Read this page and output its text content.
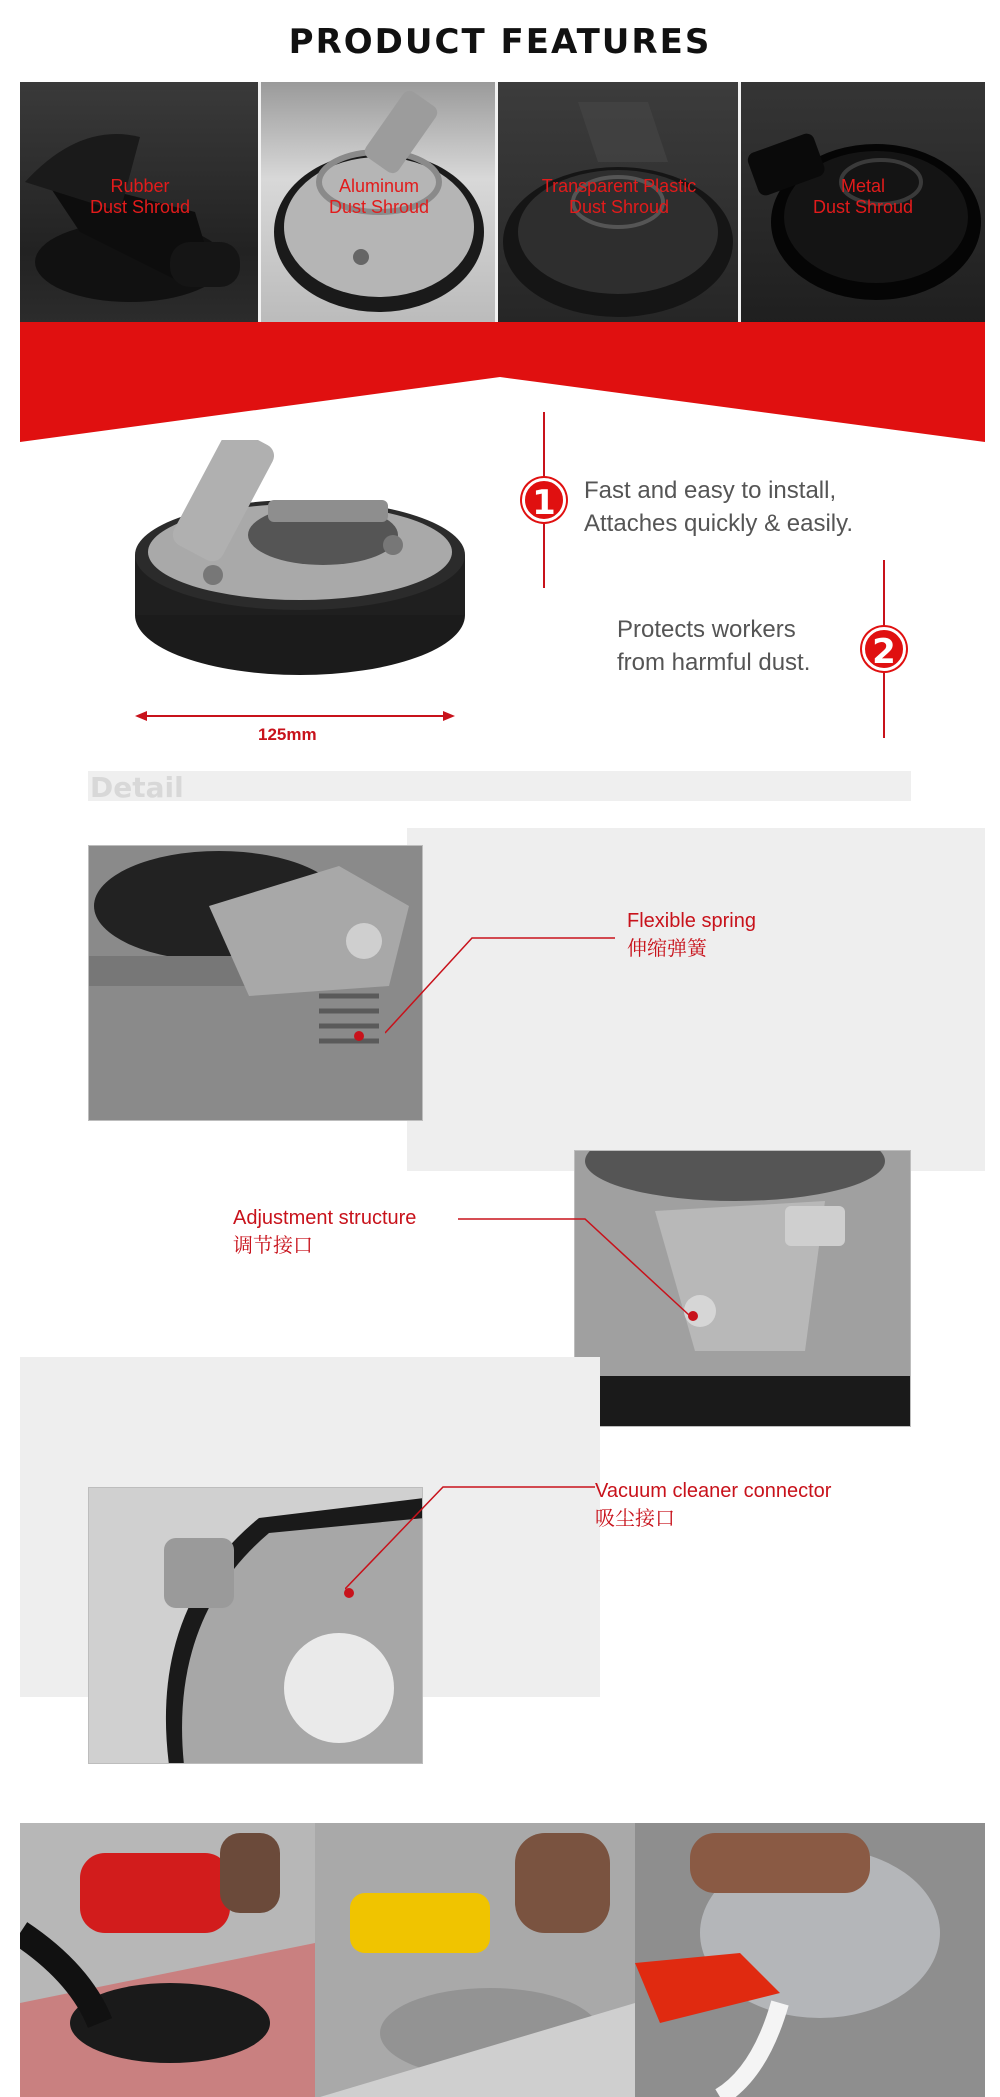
PRODUCT FEATURES
Rubber
Dust Shroud
Aluminum
Dust Shroud
Transparent Plastic
Dust Shroud
Metal
Dust Shroud
125mm
1	Fast and easy to install,
Attaches quickly & easily.
2
Protects workers
from harmful dust.
Detail
Flexible spring
伸缩弹簧
Adjustment structure
调节接口
Vacuum cleaner connector
吸尘接口
